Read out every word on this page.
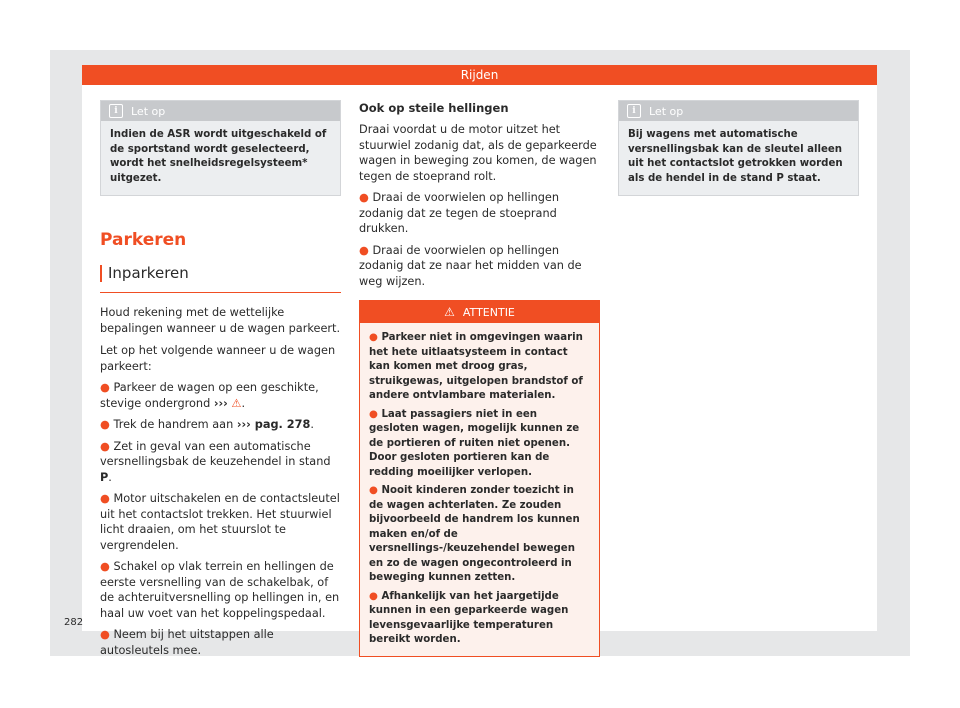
Rijden
i	Let op
Indien de ASR wordt uitgeschakeld of de sportstand wordt geselecteerd, wordt het snelheidsregelsysteem* uitgezet.
Parkeren
Inparkeren

Houd rekening met de wettelijke bepalingen wanneer u de wagen parkeert.

Let op het volgende wanneer u de wagen parkeert:

● Parkeer de wagen op een geschikte, stevige ondergrond ››› ⚠.
● Trek de handrem aan ››› pag. 278.
● Zet in geval van een automatische versnellingsbak de keuzehendel in stand P.
● Motor uitschakelen en de contactsleutel uit het contactslot trekken. Het stuurwiel licht draaien, om het stuurslot te vergrendelen.
● Schakel op vlak terrein en hellingen de eerste versnelling van de schakelbak, of de achteruitversnelling op hellingen in, en haal uw voet van het koppelingspedaal.
● Neem bij het uitstappen alle autosleutels mee.
Ook op steile hellingen

Draai voordat u de motor uitzet het stuurwiel zodanig dat, als de geparkeerde wagen in beweging zou komen, de wagen tegen de stoeprand rolt.

● Draai de voorwielen op hellingen zodanig dat ze tegen de stoeprand drukken.
● Draai de voorwielen op hellingen zodanig dat ze naar het midden van de weg wijzen.
⚠ ATTENTIE
● Parkeer niet in omgevingen waarin het hete uitlaatsysteem in contact kan komen met droog gras, struikgewas, uitgelopen brandstof of andere ontvlambare materialen.
● Laat passagiers niet in een gesloten wagen, mogelijk kunnen ze de portieren of ruiten niet openen. Door gesloten portieren kan de redding moeilijker verlopen.
● Nooit kinderen zonder toezicht in de wagen achterlaten. Ze zouden bijvoorbeeld de handrem los kunnen maken en/of de versnellings-/keuzehendel bewegen en zo de wagen ongecontroleerd in beweging kunnen zetten.
● Afhankelijk van het jaargetijde kunnen in een geparkeerde wagen levensgevaarlijke temperaturen bereikt worden.
i	Let op
Bij wagens met automatische versnellingsbak kan de sleutel alleen uit het contactslot getrokken worden als de hendel in de stand P staat.
282
